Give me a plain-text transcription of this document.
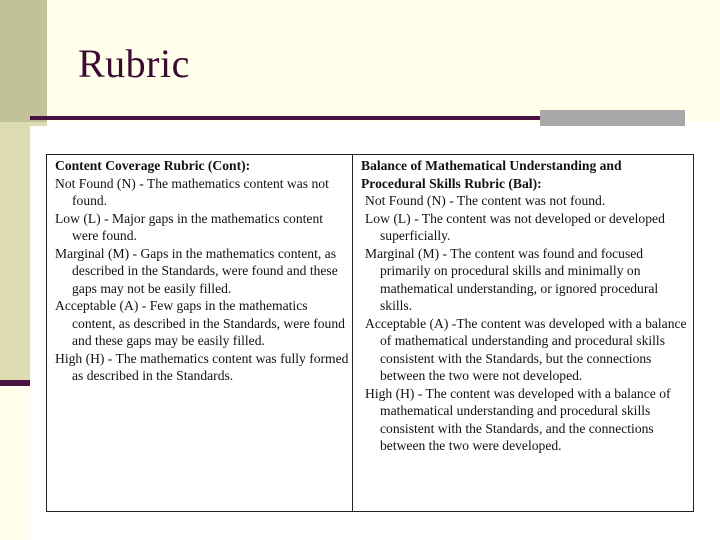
Rubric
Content Coverage Rubric (Cont):
Not Found (N) - The mathematics content was not found.
Low (L) - Major gaps in the mathematics content were found.
Marginal (M) - Gaps in the mathematics content, as described in the Standards, were found and these gaps may not be easily filled.
Acceptable (A) - Few gaps in the mathematics content, as described in the Standards, were found and these gaps may be easily filled.
High (H) - The mathematics content was fully formed as described in the Standards.
Balance of Mathematical Understanding and Procedural Skills Rubric (Bal):
Not Found (N) - The content was not found.
Low (L) - The content was not developed or developed superficially.
Marginal (M) - The content was found and focused primarily on procedural skills and minimally on mathematical understanding, or ignored procedural skills.
Acceptable (A) -The content was developed with a balance of mathematical understanding and procedural skills consistent with the Standards, but the connections between the two were not developed.
High (H) - The content was developed with a balance of mathematical understanding and procedural skills consistent with the Standards, and the connections between the two were developed.
